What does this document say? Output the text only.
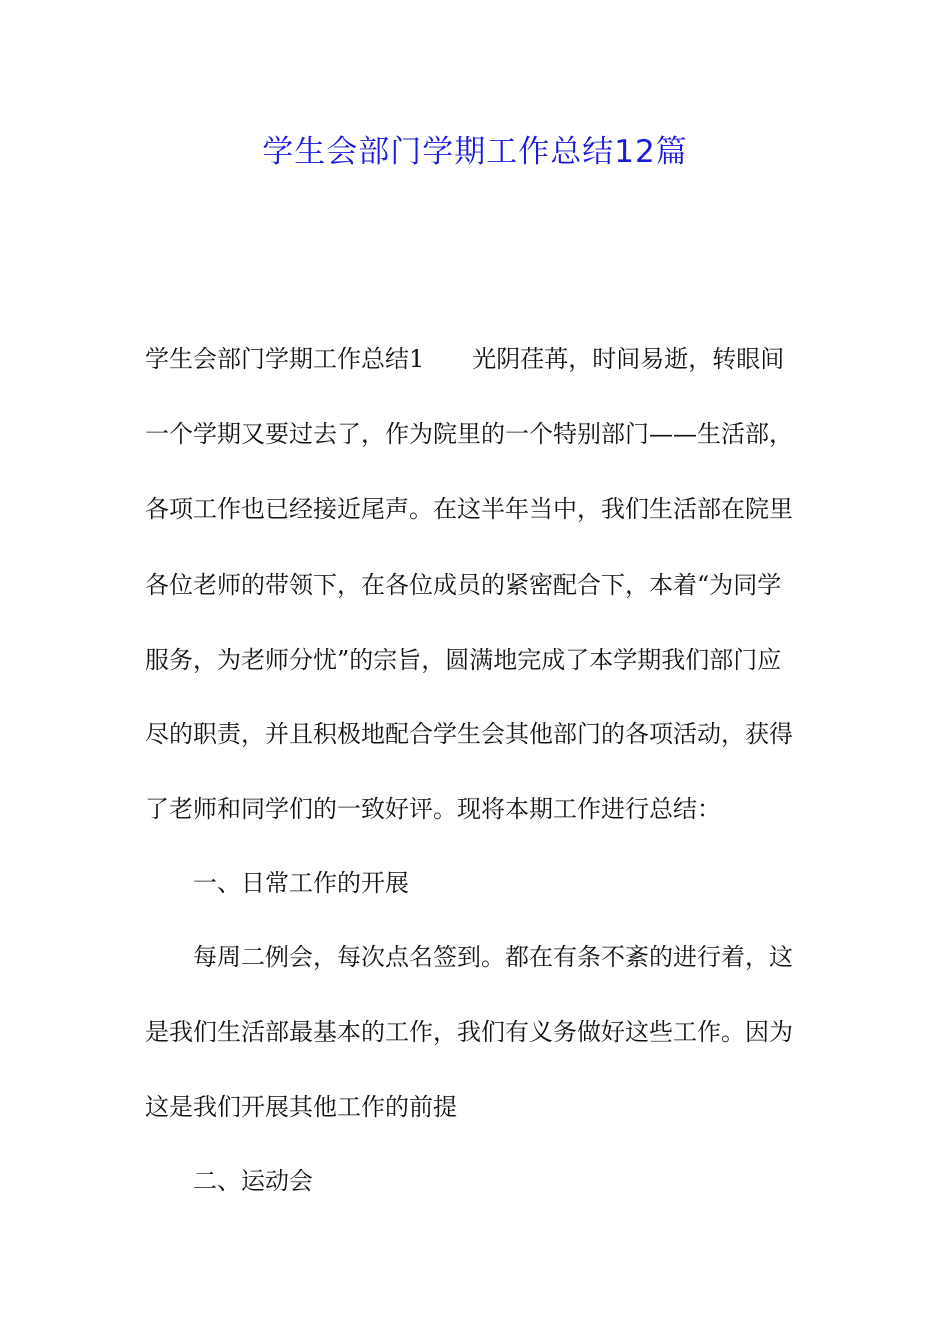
学生会部门学期工作总结12篇

学生会部门学期工作总结1　　光阴荏苒，时间易逝，转眼间

一个学期又要过去了，作为院里的一个特别部门——生活部，

各项工作也已经接近尾声。在这半年当中，我们生活部在院里

各位老师的带领下，在各位成员的紧密配合下，本着“为同学

服务，为老师分忧”的宗旨，圆满地完成了本学期我们部门应

尽的职责，并且积极地配合学生会其他部门的各项活动，获得

了老师和同学们的一致好评。现将本期工作进行总结：

一、日常工作的开展

每周二例会，每次点名签到。都在有条不紊的进行着，这

是我们生活部最基本的工作，我们有义务做好这些工作。因为

这是我们开展其他工作的前提

二、运动会
